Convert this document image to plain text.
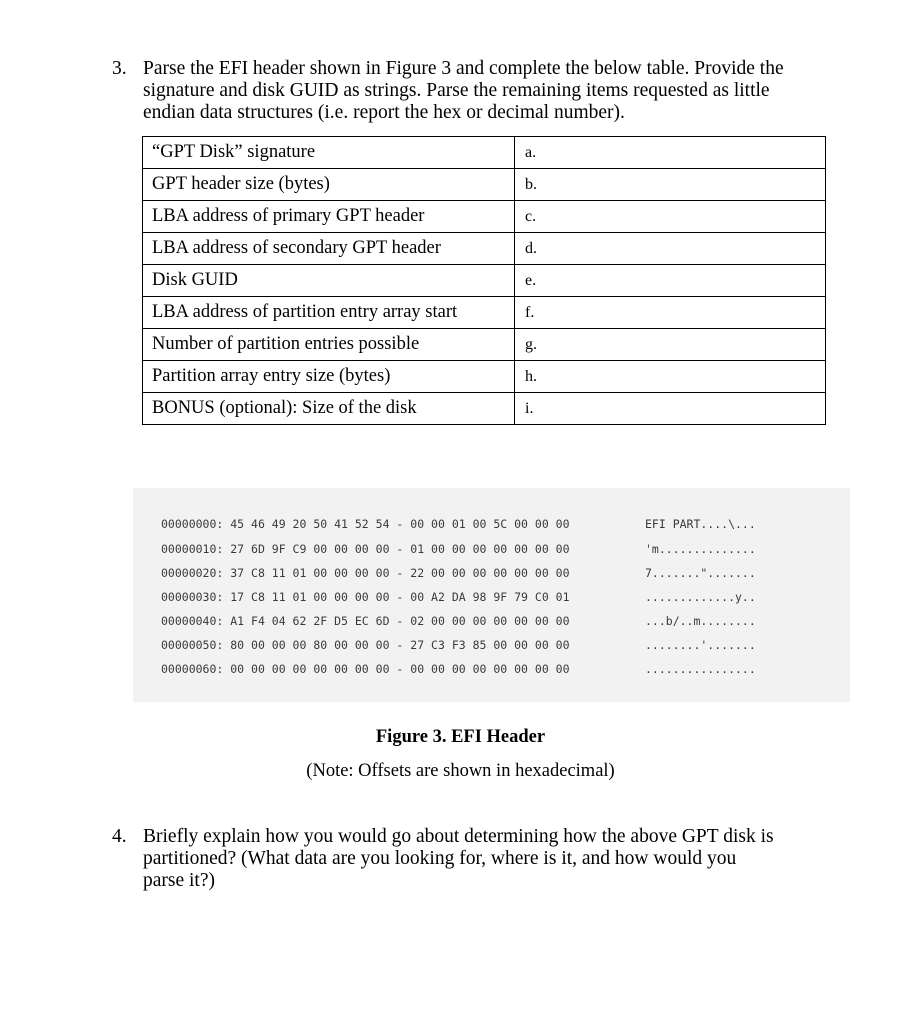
3. Parse the EFI header shown in Figure 3 and complete the below table. Provide the
signature and disk GUID as strings. Parse the remaining items requested as little
endian data structures (i.e. report the hex or decimal number).
“GPT Disk” signature	a.
GPT header size (bytes)	b.
LBA address of primary GPT header	c.
LBA address of secondary GPT header	d.
Disk GUID	e.
LBA address of partition entry array start	f.
Number of partition entries possible	g.
Partition array entry size (bytes)	h.
BONUS (optional): Size of the disk	i.
00000000: 45 46 49 20 50 41 52 54 - 00 00 01 00 5C 00 00 00	EFI PART....\...
00000010: 27 6D 9F C9 00 00 00 00 - 01 00 00 00 00 00 00 00	'm..............
00000020: 37 C8 11 01 00 00 00 00 - 22 00 00 00 00 00 00 00	7.......".......
00000030: 17 C8 11 01 00 00 00 00 - 00 A2 DA 98 9F 79 C0 01	.............y..
00000040: A1 F4 04 62 2F D5 EC 6D - 02 00 00 00 00 00 00 00	...b/..m........
00000050: 80 00 00 00 80 00 00 00 - 27 C3 F3 85 00 00 00 00	........'.......
00000060: 00 00 00 00 00 00 00 00 - 00 00 00 00 00 00 00 00	................
Figure 3. EFI Header
(Note: Offsets are shown in hexadecimal)
4. Briefly explain how you would go about determining how the above GPT disk is
partitioned? (What data are you looking for, where is it, and how would you
parse it?)
